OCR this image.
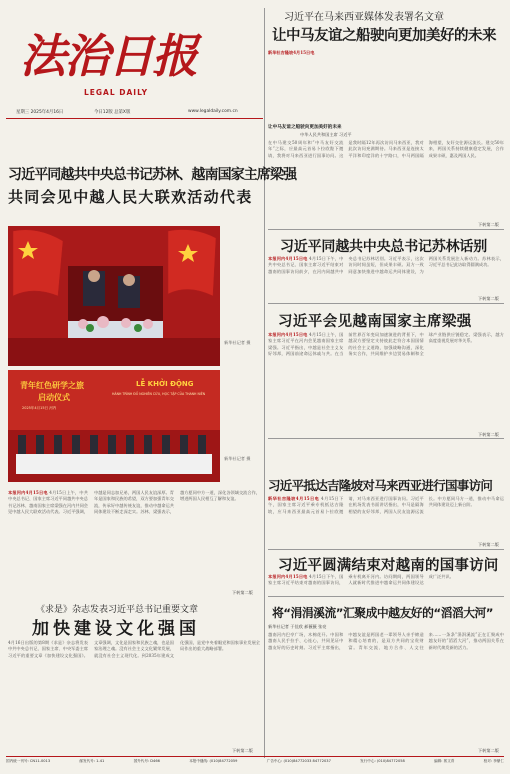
法治日报
LEGAL DAILY
星期三 2025年4月16日	今日12版 总第X版	www.legaldaily.com.cn
习近平同越共中央总书记苏林、越南国家主席梁强
共同会见中越人民大联欢活动代表
新华社记者 摄
青年红色研学之旅
启动仪式
2025年4月15日 河内
LỄ KHỞI ĐỘNG
HÀNH TRÌNH ĐỎ NGHIÊN CỨU, HỌC TẬP CỦA THANH NIÊN
新华社记者 摄
本报河内4月15日电 4月15日上午，中共中央总书记、国家主席习近平同越共中央总书记苏林、越南国家主席梁强在河内共同会见中越人民大联欢活动代表。习近平强调，中越是同志加兄弟，两国人民友谊深厚。青年是国家和民族的希望，双方要加强青年交流，传承好中越传统友谊，推动中越命运共同体建设不断走深走实。苏林、梁强表示，越方愿同中方一道，深化各领域交流合作，增进两国人民相互了解和友谊。
下转第二版
《求是》杂志发表习近平总书记重要文章
加快建设文化强国
4月16日出版的第8期《求是》杂志将发表中共中央总书记、国家主席、中央军委主席习近平的重要文章《加快建设文化强国》。文章强调，文化是国家和民族之魂，也是国家治理之魂。没有社会主义文化繁荣发展，就没有社会主义现代化。到2035年建成文化强国，是党中央着眼党和国家事业发展全局作出的重大战略部署。
下转第二版
习近平在马来西亚媒体发表署名文章
让中马友谊之船驶向更加美好的未来
新华社吉隆坡4月15日电
让中马友谊之船驶向更加美好的未来
中华人民共和国主席 习近平
在中马建交50周年和“中马友好交流年”之际，应最高元首易卜拉欣陛下邀请，我将对马来西亚进行国事访问。这是我时隔12年再次访问马来西亚，我对此次访问充满期待。马来西亚是连接太平洋和印度洋的十字路口，中马两国隔海相望，友好交往源远流长。建交50年来，两国关系持续健康稳定发展，合作成果丰硕，惠及两国人民。
下转第二版
习近平同越共中央总书记苏林话别
本报河内4月15日电 4月15日下午，中共中央总书记、国家主席习近平结束对越南的国事访问前夕，在河内同越共中央总书记苏林话别。习近平表示，这次访问时间虽短，但成果丰硕。双方一致同意加快推进中越命运共同体建设，为两国关系发展注入新动力。苏林表示，习近平总书记此访取得圆满成功。
下转第二版
习近平会见越南国家主席梁强
本报河内4月15日电 4月15日上午，国家主席习近平在河内会见越南国家主席梁强。习近平指出，中越是社会主义友好邻邦，两国前途命运休戚与共。在当前世界百年变局加速演进的背景下，中越双方要坚定支持彼此走符合本国国情的社会主义道路，加强战略沟通，深化务实合作，共同维护多边贸易体制和全球产业链供应链稳定。梁强表示，越方高度重视发展对华关系。
下转第二版
习近平抵达吉隆坡对马来西亚进行国事访问
新华社吉隆坡4月15日电 4月15日下午，国家主席习近平乘专机抵达吉隆坡，应马来西亚最高元首易卜拉欣邀请，对马来西亚进行国事访问。习近平在机场发表书面讲话指出，中马是隔海相望的友好邻邦，两国人民友谊源远流长。中方愿同马方一道，推动中马命运共同体建设迈上新台阶。
下转第二版
习近平圆满结束对越南的国事访问
本报河内4月15日电 4月15日下午，国家主席习近平结束对越南的国事访问，乘专机离开河内。访问期间，两国领导人就新时代推进中越命运共同体建设达成广泛共识。
将“涓涓溪流”汇聚成中越友好的“滔滔大河”
新华社记者 于佳欣 郝薇薇 张亮
越南河内巴亭广场，木棉花开。中国和越南人民手拉手、心连心，共同见证中越友好的历史时刻。习近平主席指出，中越友谊是两国老一辈领导人亲手缔造和精心培育的，是双方共同的宝贵财富。青年交流、地方合作、人文往来……一条条“涓涓溪流”正在汇聚成中越友好的“滔滔大河”，推动两国关系在新时代焕发新的活力。
下转第二版
国内统一刊号: CN11-0013	邮发代号: 1-41	国外代号: D466	本报中缝线: (010)84772059	广告中心: (010)84772033 84772037	发行中心: (010)84772058	编辑: 郭文青	校对: 李鼎仁
